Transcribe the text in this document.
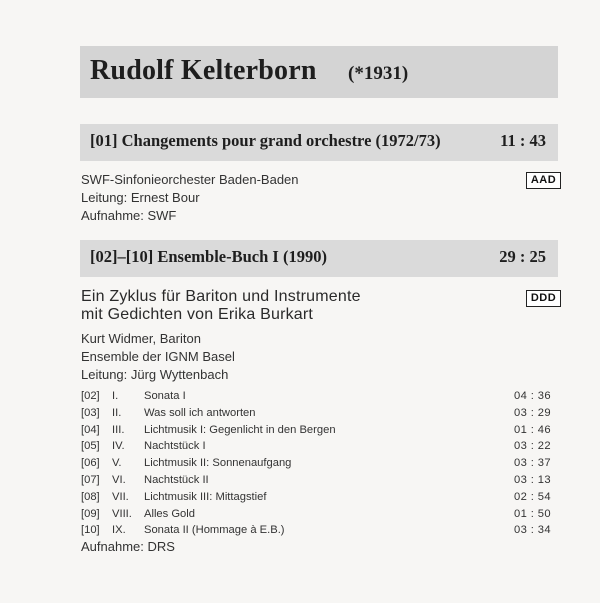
Rudolf Kelterborn (*1931)
[01] Changements pour grand orchestre (1972/73)	11 : 43
AAD
SWF-Sinfonieorchester Baden-Baden
Leitung: Ernest Bour
Aufnahme: SWF
[02]–[10] Ensemble-Buch I (1990)	29 : 25
DDD
Ein Zyklus für Bariton und Instrumente
mit Gedichten von Erika Burkart
Kurt Widmer, Bariton
Ensemble der IGNM Basel
Leitung: Jürg Wyttenbach
[02] I. Sonata I	04 : 36
[03] II. Was soll ich antworten	03 : 29
[04] III. Lichtmusik I: Gegenlicht in den Bergen	01 : 46
[05] IV. Nachtstück I	03 : 22
[06] V. Lichtmusik II: Sonnenaufgang	03 : 37
[07] VI. Nachtstück II	03 : 13
[08] VII. Lichtmusik III: Mittagstief	02 : 54
[09] VIII. Alles Gold	01 : 50
[10] IX. Sonata II (Hommage à E.B.)	03 : 34
Aufnahme: DRS
